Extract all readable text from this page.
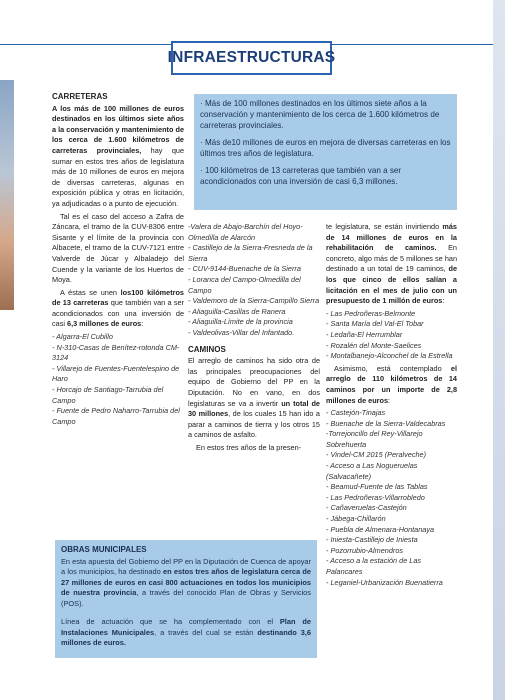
INFRAESTRUCTURAS

· Más de 100 millones destinados en los últimos siete años a la conservación y mantenimiento de los cerca de 1.600 kilómetros de carreteras provinciales.

· Más de10 millones de euros en mejora de diversas carreteras en los últimos tres años de legislatura.

· 100 kilómetros de 13 carreteras que también van a ser acondicionados con una inversión de casi 6,3 millones.

CARRETERAS

A los más de 100 millones de euros destinados en los últimos siete años a la conservación y mantenimiento de los cerca de 1.600 kilómetros de carreteras provinciales, hay que sumar en estos tres años de legislatura más de 10 millones de euros en mejora de diversas carreteras, algunas en exposición pública y otras en licitación, ya adjudicadas o a punto de ejecución.

Tal es el caso del acceso a Zafra de Záncara, el tramo de la CUV-8306 entre Sisante y el límite de la provincia con Albacete, el tramo de la CUV-7121 entre Valverde de Júcar y Albaladejo del Cuende y la variante de los Huertos de Moya.

A éstas se unen los100 kilómetros de 13 carreteras que también van a ser acondicionados con una inversión de casi 6,3 millones de euros:

- Algarra-El Cubillo
- N-310-Casas de Benítez-rotonda CM-3124
- Villarejo de Fuentes-Fuentelespino de Haro
- Horcajo de Santiago-Tarrubia del Campo
- Fuente de Pedro Naharro-Tarrubia del Campo
-Valera de Abajo-Barchín del Hoyo-Olmedilla de Alarcón
- Castillejo de la Sierra-Fresneda de la Sierra
- CUV-9144-Buenache de la Sierra
- Loranca del Campo-Olmedilla del Campo
- Valdemoro de la Sierra-Campillo Sierra
- Aliaguilla-Casillas de Ranera
- Aliaguilla-Límite de la provincia
- Valdeolivas-Villar del Infantado.
CAMINOS

El arreglo de caminos ha sido otra de las principales preocupaciones del equipo de Gobierno del PP en la Diputación. No en vano, en dos legislaturas se va a invertir un total de 30 millones, de los cuales 15 han ido a parar a caminos de tierra y los otros 15 a caminos de asfalto.

En estos tres años de la presen-

te legislatura, se están invirtiendo más de 14 millones de euros en la rehabilitación de caminos. En concreto, algo más de 5 millones se han destinado a un total de 19 caminos, de los que cinco de ellos salían a licitación en el mes de julio con un presupuesto de 1 millón de euros:

- Las Pedroñeras-Belmonte
- Santa María del Val-El Tobar
- Ledaña-El Herrumblar
- Rozalén del Monte-Saelices
- Montalbanejo-Alconchel de la Estrella

Asimismo, está contemplado el arreglo de 110 kilómetros de 14 caminos por un importe de 2,8 millones de euros:

- Castejón-Tinajas
- Buenache de la Sierra-Valdecabras
-Torrejoncillo del Rey-Villarejo Sobrehuerta
- Vindel-CM 2015 (Peralveche)
- Acceso a Las Nogueruelas (Salvacañete)
- Beamud-Fuente de las Tablas
- Las Pedroñeras-Villarrobledo
- Cañaveruelas-Castejón
- Jábega-Chillarón
- Puebla de Almenara-Hontanaya
- Iniesta-Castillejo de Iniesta
- Pozorrubio-Almendros
- Acceso a la estación de Las Palancares
- Leganiel-Urbanización Buenatierra
OBRAS MUNICIPALES

En esta apuesta del Gobierno del PP en la Diputación de Cuenca de apoyar a los municipios, ha destinado en estos tres años de legislatura cerca de 27 millones de euros en casi 800 actuaciones en todos los municipios de nuestra provincia, a través del conocido Plan de Obras y Servicios (POS).

Línea de actuación que se ha complementado con el Plan de Instalaciones Municipales, a través del cual se están destinando 3,6 millones de euros.
